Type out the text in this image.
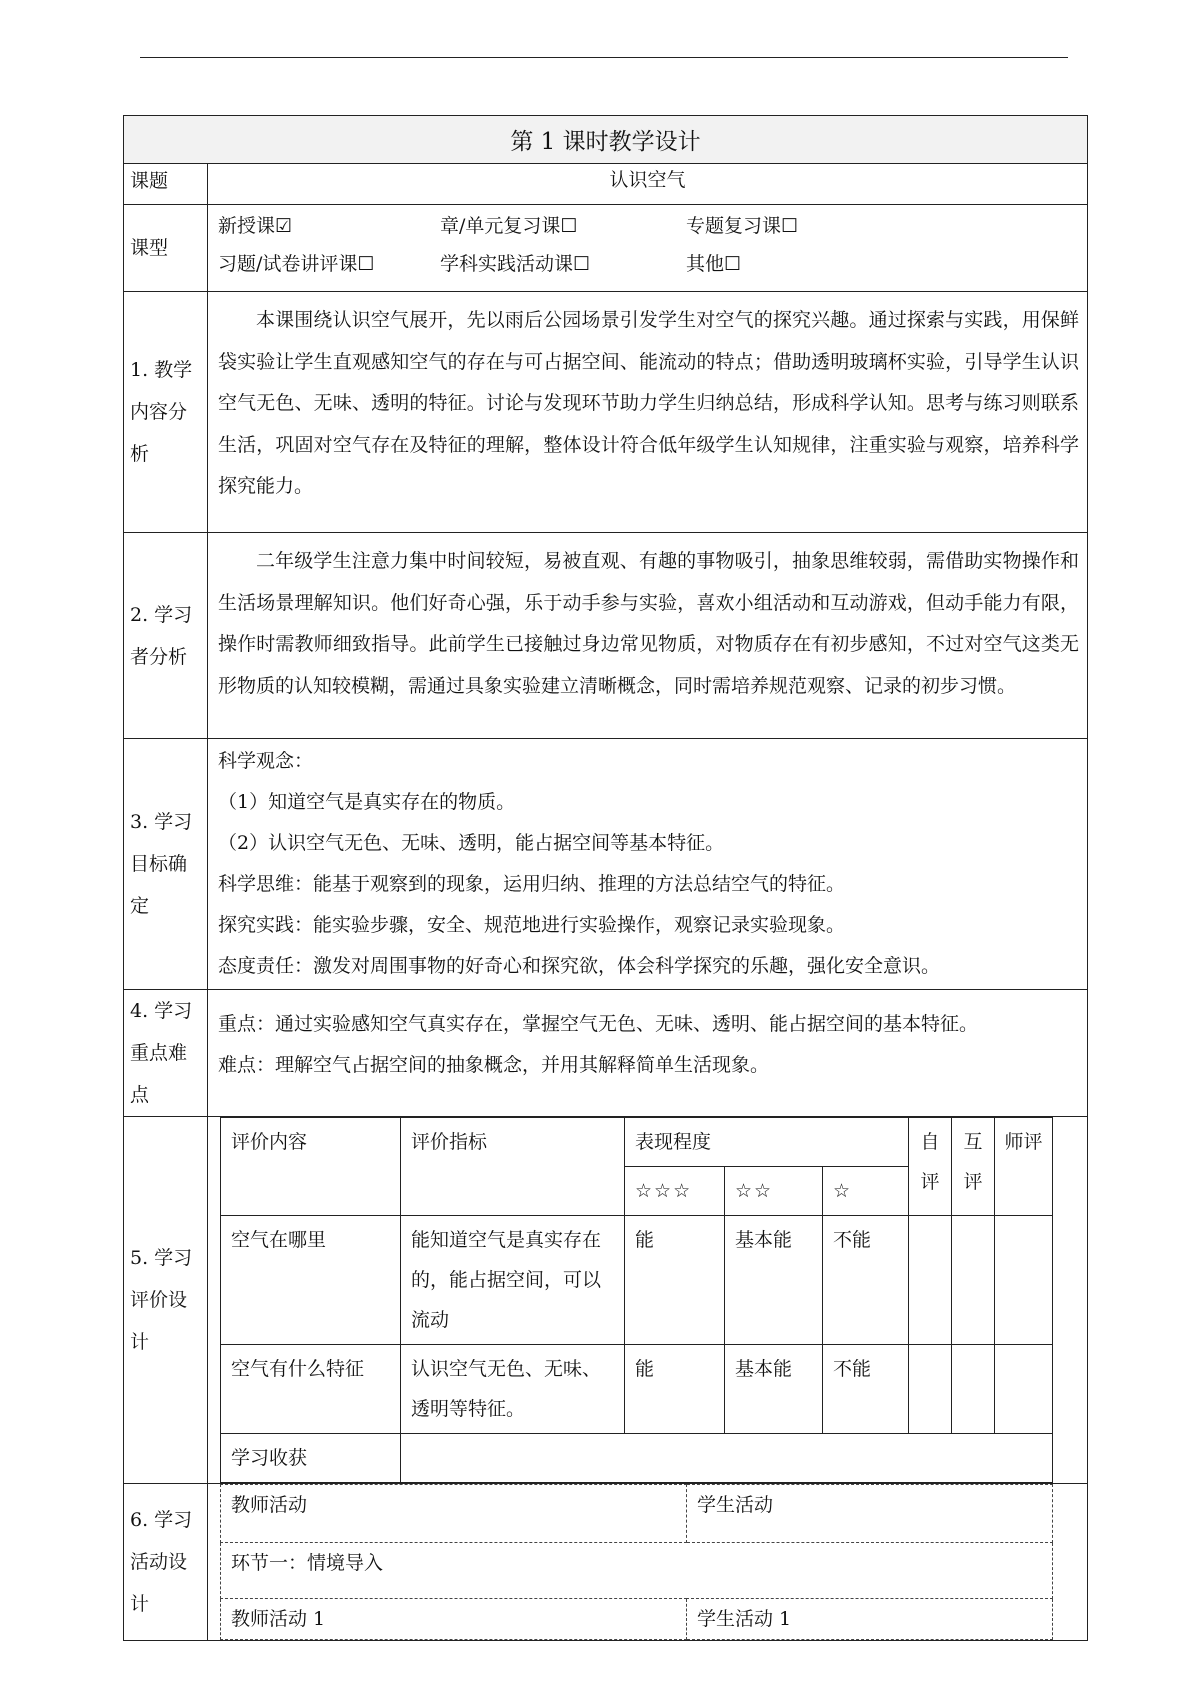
第 1 课时教学设计
课题	认识空气
课型	
新授课☑	章/单元复习课☐	专题复习课☐
习题/试卷讲评课☐	学科实践活动课☐	其他☐

1. 教学内容分析	
本课围绕认识空气展开，先以雨后公园场景引发学生对空气的探究兴趣。通过探索与实践，用保鲜袋实验让学生直观感知空气的存在与可占据空间、能流动的特点；借助透明玻璃杯实验，引导学生认识空气无色、无味、透明的特征。讨论与发现环节助力学生归纳总结，形成科学认知。思考与练习则联系生活，巩固对空气存在及特征的理解，整体设计符合低年级学生认知规律，注重实验与观察，培养科学探究能力。

2. 学习者分析	
二年级学生注意力集中时间较短，易被直观、有趣的事物吸引，抽象思维较弱，需借助实物操作和生活场景理解知识。他们好奇心强，乐于动手参与实验，喜欢小组活动和互动游戏，但动手能力有限，操作时需教师细致指导。此前学生已接触过身边常见物质，对物质存在有初步感知，不过对空气这类无形物质的认知较模糊，需通过具象实验建立清晰概念，同时需培养规范观察、记录的初步习惯。

3. 学习目标确定	
科学观念：
（1）知道空气是真实存在的物质。
（2）认识空气无色、无味、透明，能占据空间等基本特征。
科学思维：能基于观察到的现象，运用归纳、推理的方法总结空气的特征。
探究实践：能实验步骤，安全、规范地进行实验操作，观察记录实验现象。
态度责任：激发对周围事物的好奇心和探究欲，体会科学探究的乐趣，强化安全意识。

4. 学习重点难点	
重点：通过实验感知空气真实存在，掌握空气无色、无味、透明、能占据空间的基本特征。
难点：理解空气占据空间的抽象概念，并用其解释简单生活现象。

5. 学习评价设计	
评价内容	评价指标	表现程度	自评	互评	师评
☆☆☆	☆☆	☆
空气在哪里	能知道空气是真实存在的，能占据空间，可以流动	能	基本能	不能			
空气有什么特征	认识空气无色、无味、透明等特征。	能	基本能	不能			
学习收获	

6. 学习活动设计	
教师活动	学生活动
环节一：情境导入
教师活动 1	学生活动 1
